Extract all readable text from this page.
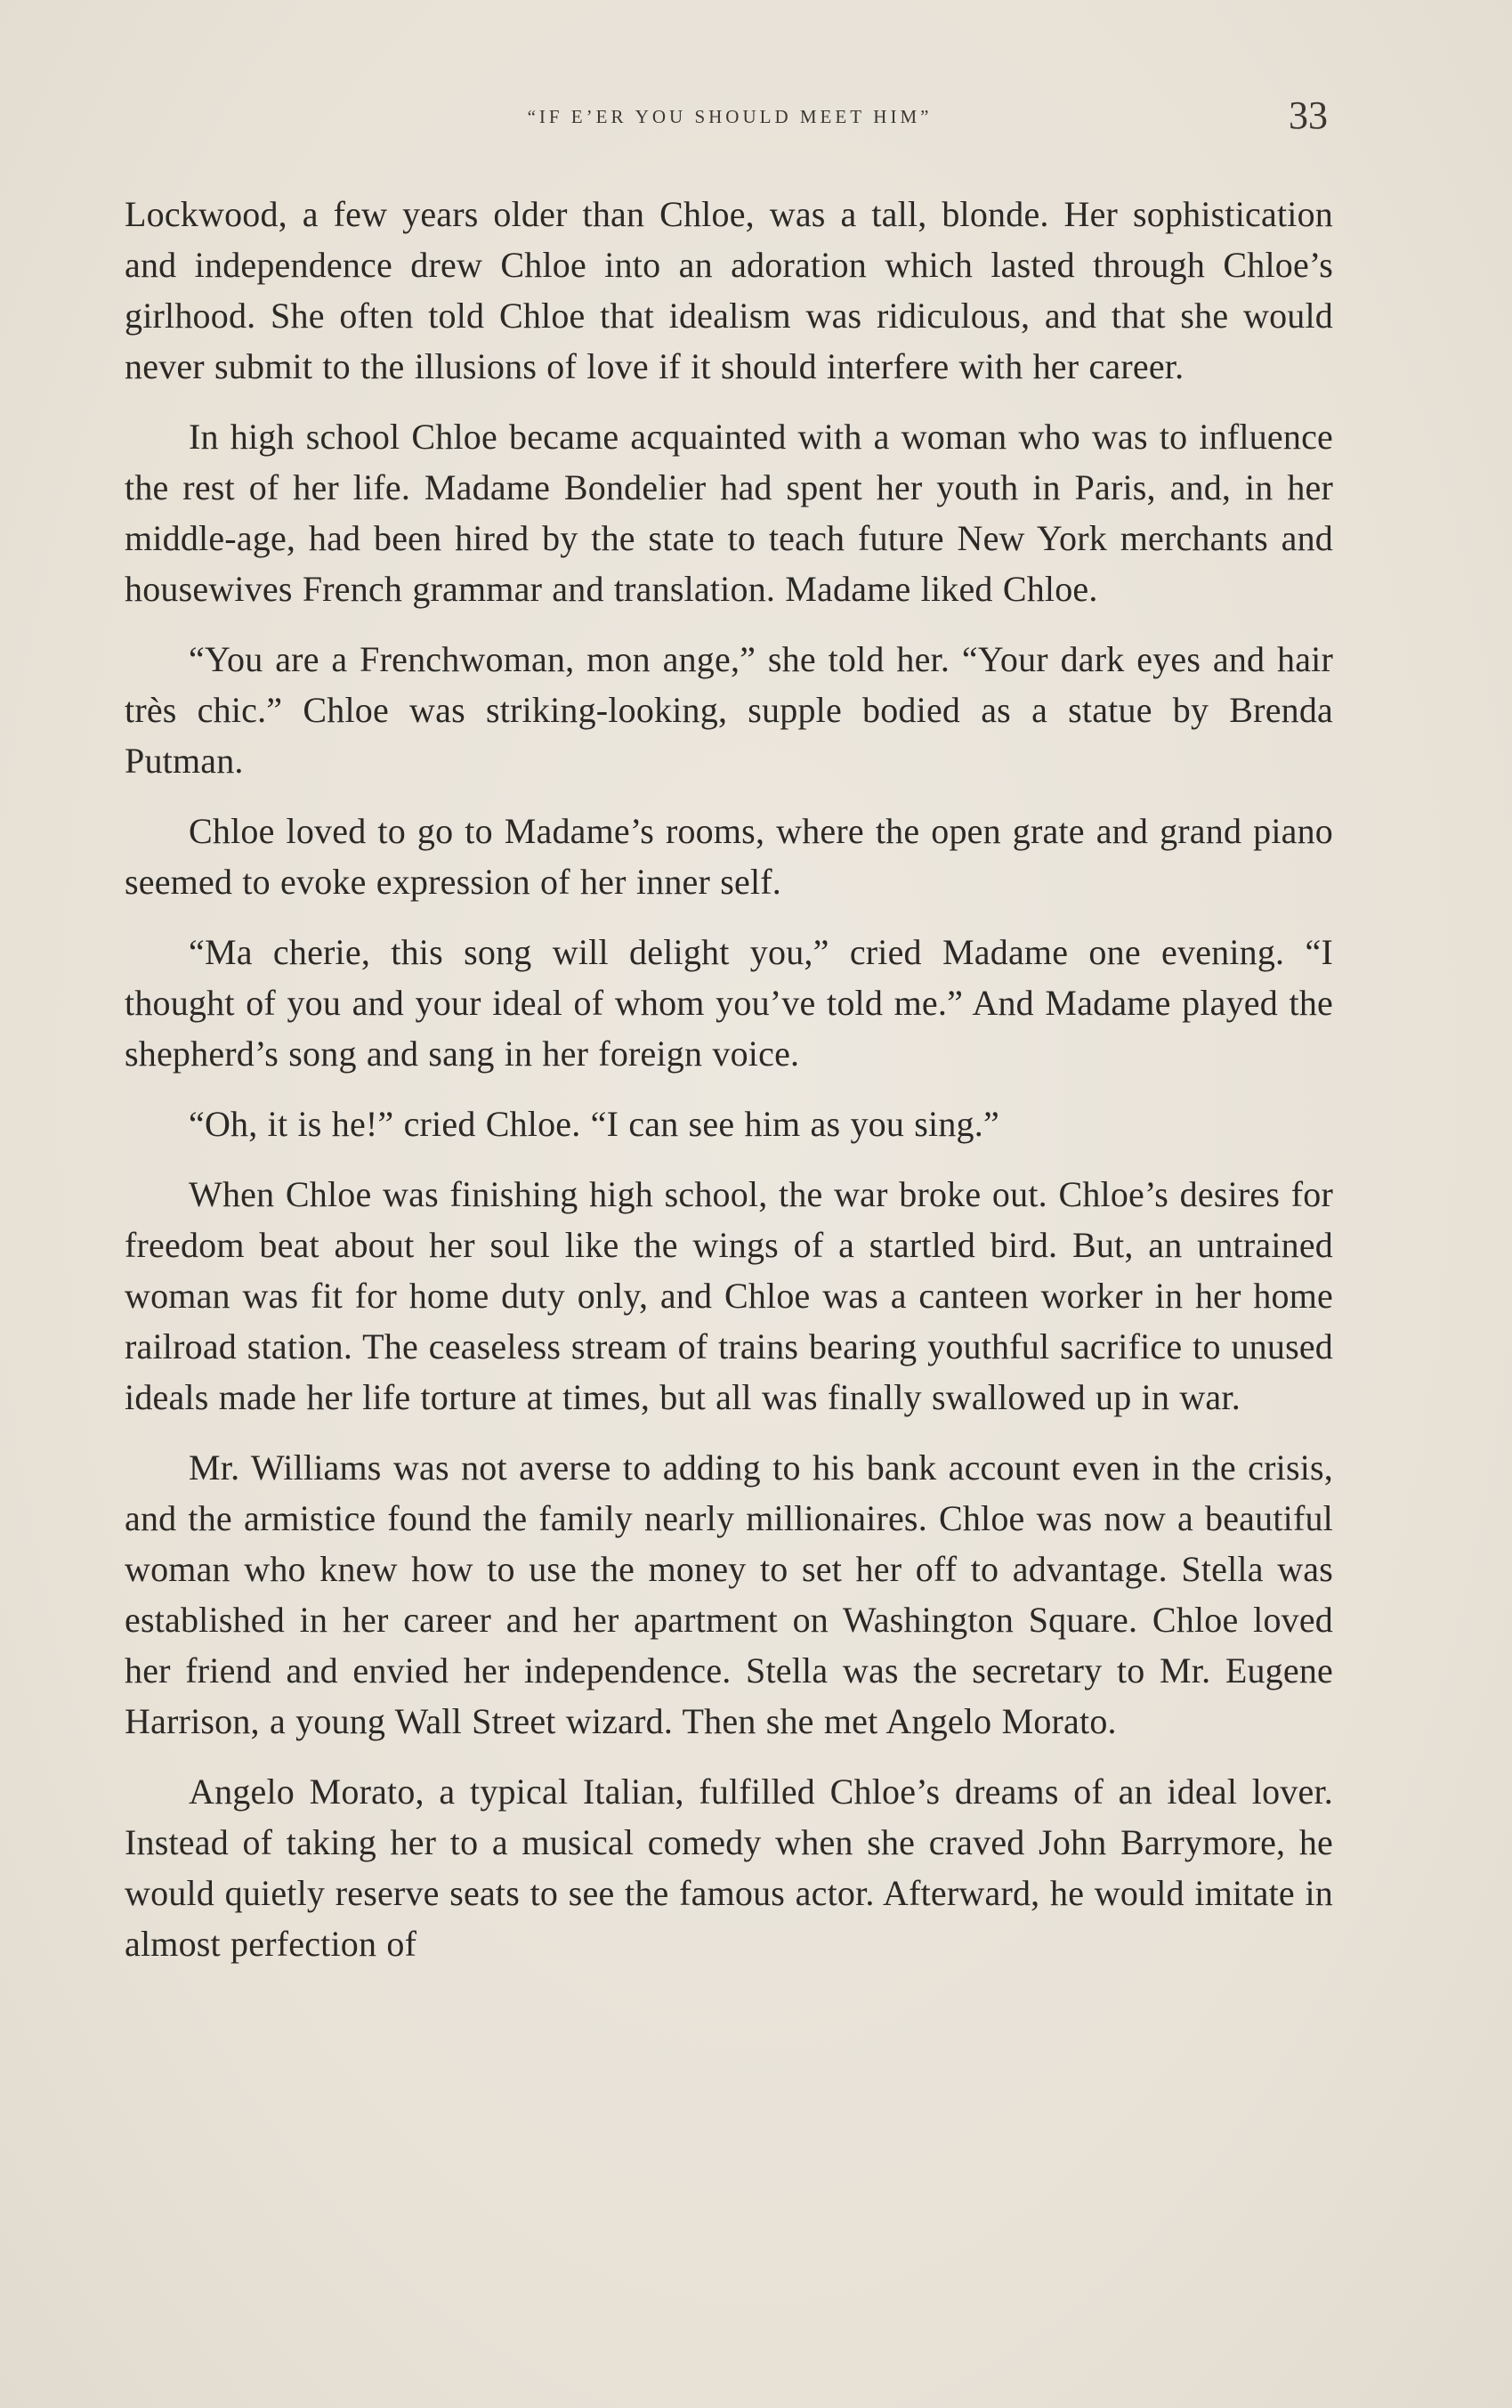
“if e’er you should meet him”	33

Lockwood, a few years older than Chloe, was a tall, blonde. Her sophistication and independence drew Chloe into an adoration which lasted through Chloe’s girlhood. She often told Chloe that idealism was ridiculous, and that she would never submit to the illusions of love if it should interfere with her career.

In high school Chloe became acquainted with a woman who was to influence the rest of her life. Madame Bondelier had spent her youth in Paris, and, in her middle-age, had been hired by the state to teach future New York merchants and housewives French grammar and translation. Madame liked Chloe.

“You are a Frenchwoman, mon ange,” she told her. “Your dark eyes and hair très chic.” Chloe was striking-looking, supple bodied as a statue by Brenda Putman.

Chloe loved to go to Madame’s rooms, where the open grate and grand piano seemed to evoke expression of her inner self.

“Ma cherie, this song will delight you,” cried Madame one evening. “I thought of you and your ideal of whom you’ve told me.” And Madame played the shepherd’s song and sang in her foreign voice.

“Oh, it is he!” cried Chloe. “I can see him as you sing.”

When Chloe was finishing high school, the war broke out. Chloe’s desires for freedom beat about her soul like the wings of a startled bird. But, an untrained woman was fit for home duty only, and Chloe was a canteen worker in her home railroad station. The ceaseless stream of trains bearing youthful sacrifice to unused ideals made her life torture at times, but all was finally swallowed up in war.

Mr. Williams was not averse to adding to his bank account even in the crisis, and the armistice found the family nearly millionaires. Chloe was now a beautiful woman who knew how to use the money to set her off to advantage. Stella was established in her career and her apartment on Washington Square. Chloe loved her friend and envied her independence. Stella was the secretary to Mr. Eugene Harrison, a young Wall Street wizard. Then she met Angelo Morato.

Angelo Morato, a typical Italian, fulfilled Chloe’s dreams of an ideal lover. Instead of taking her to a musical comedy when she craved John Barrymore, he would quietly reserve seats to see the famous actor. Afterward, he would imitate in almost perfection of
